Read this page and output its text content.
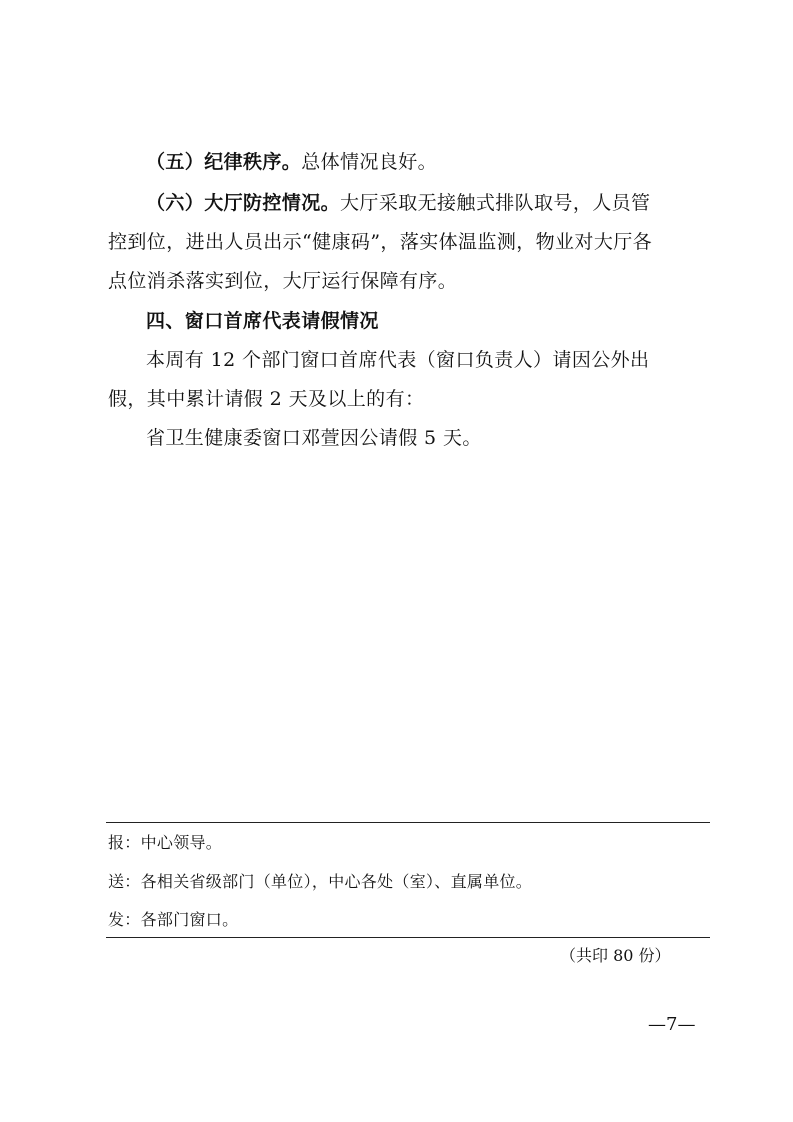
（五）纪律秩序。总体情况良好。
（六）大厅防控情况。大厅采取无接触式排队取号，人员管
控到位，进出人员出示“健康码”，落实体温监测，物业对大厅各
点位消杀落实到位，大厅运行保障有序。
四、窗口首席代表请假情况
本周有 12 个部门窗口首席代表（窗口负责人）请因公外出
假，其中累计请假 2 天及以上的有：
省卫生健康委窗口邓萱因公请假 5 天。
报：中心领导。
送：各相关省级部门（单位），中心各处（室）、直属单位。
发：各部门窗口。
（共印 80 份）
—7—
